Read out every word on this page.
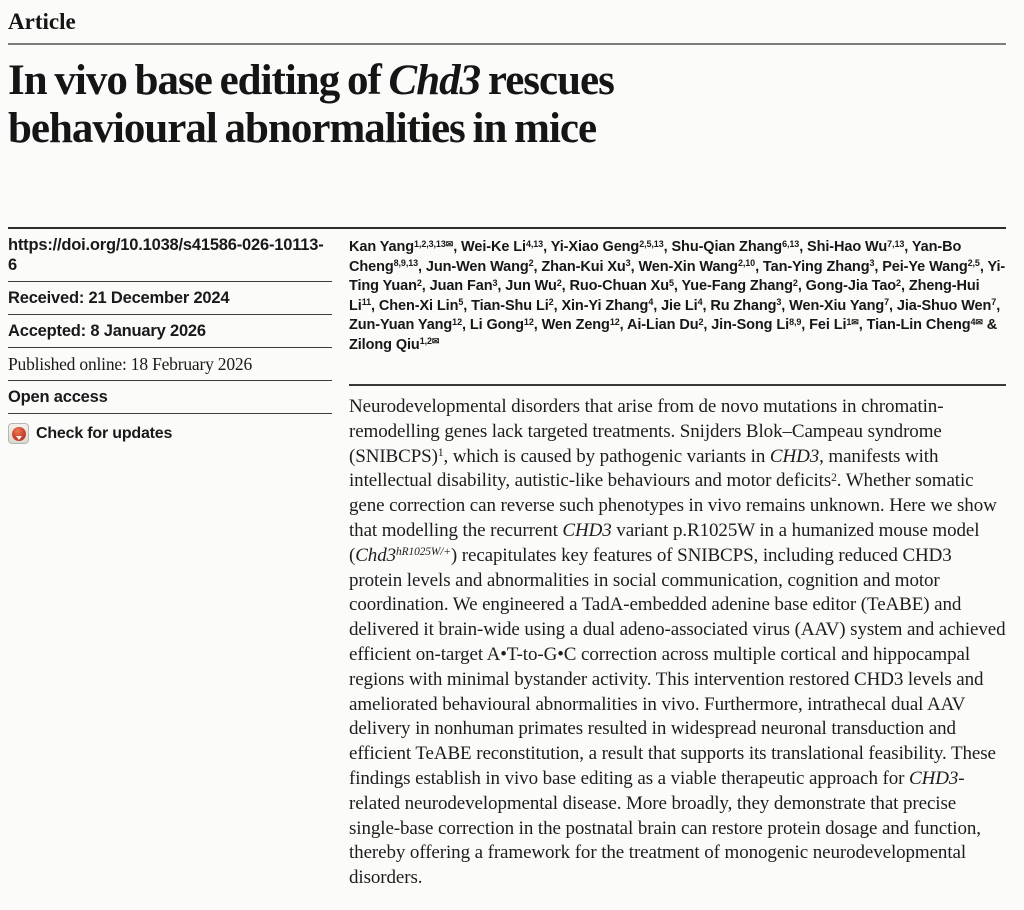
Article
In vivo base editing of Chd3 rescues
behavioural abnormalities in mice
https://doi.org/10.1038/s41586-026-10113-6
Received: 21 December 2024
Accepted: 8 January 2026
Published online: 18 February 2026
Open access
Check for updates

Kan Yang$^{1,2,3,13✉}$, Wei-Ke Li$^{4,13}$, Yi-Xiao Geng$^{2,5,13}$, Shu-Qian Zhang$^{6,13}$, Shi-Hao Wu$^{7,13}$, Yan-Bo Cheng$^{8,9,13}$, Jun-Wen Wang$^2$, Zhan-Kui Xu$^3$, Wen-Xin Wang$^{2,10}$, Tan-Ying Zhang$^3$, Pei-Ye Wang$^{2,5}$, Yi-Ting Yuan$^2$, Juan Fan$^3$, Jun Wu$^2$, Ruo-Chuan Xu$^5$, Yue-Fang Zhang$^2$, Gong-Jia Tao$^2$, Zheng-Hui Li$^{11}$, Chen-Xi Lin$^5$, Tian-Shu Li$^2$, Xin-Yi Zhang$^4$, Jie Li$^4$, Ru Zhang$^3$, Wen-Xiu Yang$^7$, Jia-Shuo Wen$^7$, Zun-Yuan Yang$^{12}$, Li Gong$^{12}$, Wen Zeng$^{12}$, Ai-Lian Du$^2$, Jin-Song Li$^{8,9}$, Fei $Li^{1✉}$, Tian-Lin Cheng$^{4✉}$ & Zilong Qiu$^{1,2✉}$

Neurodevelopmental disorders that arise from de novo mutations in chromatin-remodelling genes lack targeted treatments. Snijders Blok–Campeau syndrome (SNIBCPS)$^1$, which is caused by pathogenic variants in CHD3, manifests with intellectual disability, autistic-like behaviours and motor deficits$^2$. Whether somatic gene correction can reverse such phenotypes in vivo remains unknown. Here we show that modelling the recurrent CHD3 variant p.R1025W in a humanized mouse model $(Chd3^{hR1025W/+})$ recapitulates key features of SNIBCPS, including reduced CHD3 protein levels and abnormalities in social communication, cognition and motor coordination. We engineered a TadA-embedded adenine base editor (TeABE) and delivered it brain-wide using a dual adeno-associated virus (AAV) system and achieved efficient on-target A•T-to-G•C correction across multiple cortical and hippocampal regions with minimal bystander activity. This intervention restored CHD3 levels and ameliorated behavioural abnormalities in vivo. Furthermore, intrathecal dual AAV delivery in nonhuman primates resulted in widespread neuronal transduction and efficient TeABE reconstitution, a result that supports its translational feasibility. These findings establish in vivo base editing as a viable therapeutic approach for CHD3-related neurodevelopmental disease. More broadly, they demonstrate that precise single-base correction in the postnatal brain can restore protein dosage and function, thereby offering a framework for the treatment of monogenic neurodevelopmental disorders.
